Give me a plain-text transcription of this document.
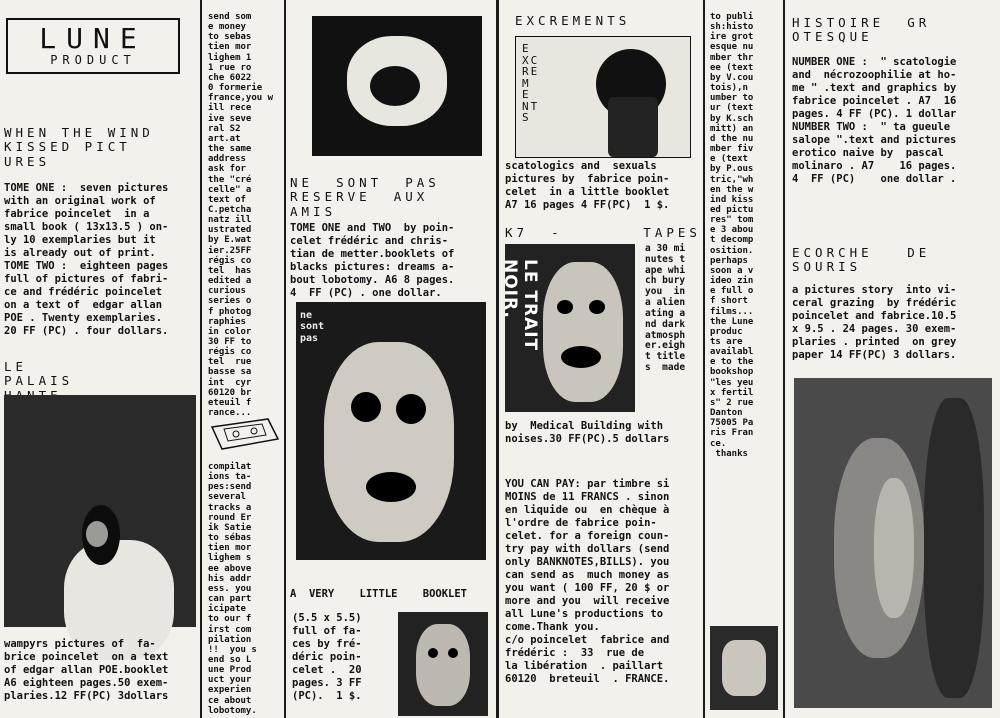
LUNE
PRODUCT
WHEN THE WIND
KISSED PICT
URES
TOME ONE :  seven pictures
with an original work of
fabrice poincelet  in a
small book ( 13x13.5 ) on-
ly 10 exemplaries but it
is already out of print.
TOME TWO :  eighteen pages
full of pictures of fabri-
ce and frédéric poincelet
on a text of  edgar allan
POE . Twenty exemplaries.
20 FF (PC) . four dollars.
LE         PALAIS

wampyrs pictures of  fa-
brice poincelet  on a text
of edgar allan POE.booklet
A6 eighteen pages.50 exem-
plaries.12 FF(PC) 3dollars
send som
e money
to sebas
tien mor
lighem 1
1 rue ro
che 6022
0 formerie
france,you w
ill rece
ive seve
ral S2
art.at
the same
address
ask for
the "cré
celle" a
text of
C.petcha
natz ill
ustrated
by E.wat
ier.25FF
régis co
tel  has
edited a
curious
series o
f photog
raphies
in color
30 FF to
régis co
tel  rue
basse sa
int  cyr
60120 br
eteuil f
rance...
compilat
ions ta-
pes:send
several
tracks a
round Er
ik Satie
to sébas
tien mor
lighem s
ee above
his addr
ess. you
can part
icipate
to our f
irst com
pilation
!!  you s
end so L
une Prod
uct your
experien
ce about
lobotomy.
NE  SONT  PAS
RESERVE  AUX
AMIS
TOME ONE and TWO  by poin-
celet frédéric and chris-
tian de metter.booklets of
blacks pictures: dreams a-
bout lobotomy. A6 8 pages.
4  FF (PC) . one dollar.
ne
sont
pas
A  VERY    LITTLE    BOOKLET
(5.5 x 5.5)
full of fa-
ces by fré-
déric poin-
celet .  20
pages. 3 FF
(PC).  1 $.
EXCREMENTS
E
XC
RE
M
E
NT
S
scatologics and  sexuals
pictures by  fabrice poin-
celet  in a little booklet
A7 16 pages 4 FF(PC)  1 $.
K7  -       TAPES
LE TRAIT NOIR.
a 30 mi
nutes t
ape whi
ch bury
you  in
a alien
ating a
nd dark
atmosph
er.eigh
t title
s  made
by  Medical Building with
noises.30 FF(PC).5 dollars
YOU CAN PAY: par timbre si
MOINS de 11 FRANCS . sinon
en liquide ou  en chèque à
l'ordre de fabrice poin-
celet. for a foreign coun-
try pay with dollars (send
only BANKNOTES,BILLS). you
can send as  much money as
you want ( 100 FF, 20 $ or
more and you  will receive
all Lune's productions to
come.Thank you.
c/o poincelet  fabrice and
frédéric :  33  rue de
la libération  . paillart
60120  breteuil  . FRANCE.
to publi
sh:histo
ire grot
esque nu
mber thr
ee (text
by V.cou
tois),n
umber to
ur (text
by K.sch
mitt) an
d the nu
mber fiv
e (text
by P.ous
tric,"wh
en the w
ind kiss
ed pictu
res" tom
e 3 abou
t decomp
osition.
perhaps
soon a v
ideo zin
e full o
f short
films...
the Lune
produc
ts are
availabl
e to the
bookshop
"les yeu
x fertil
s" 2 rue
Danton
75005 Pa
ris Fran
ce.
thanks
HISTOIRE  GR
OTESQUE
NUMBER ONE :  " scatologie
and  nécrozoophilie at ho-
me " .text and graphics by
fabrice poincelet . A7  16
pages. 4 FF (PC). 1 dollar
NUMBER TWO :  " ta gueule
salope ".text and pictures
erotico naive by  pascal
molinaro . A7    16 pages.
4  FF (PC)    one dollar .
ECORCHE   DE
SOURIS
a pictures story  into vi-
ceral grazing  by frédéric
poincelet and fabrice.10.5
x 9.5 . 24 pages. 30 exem-
plaries . printed  on grey
paper 14 FF(PC) 3 dollars.
